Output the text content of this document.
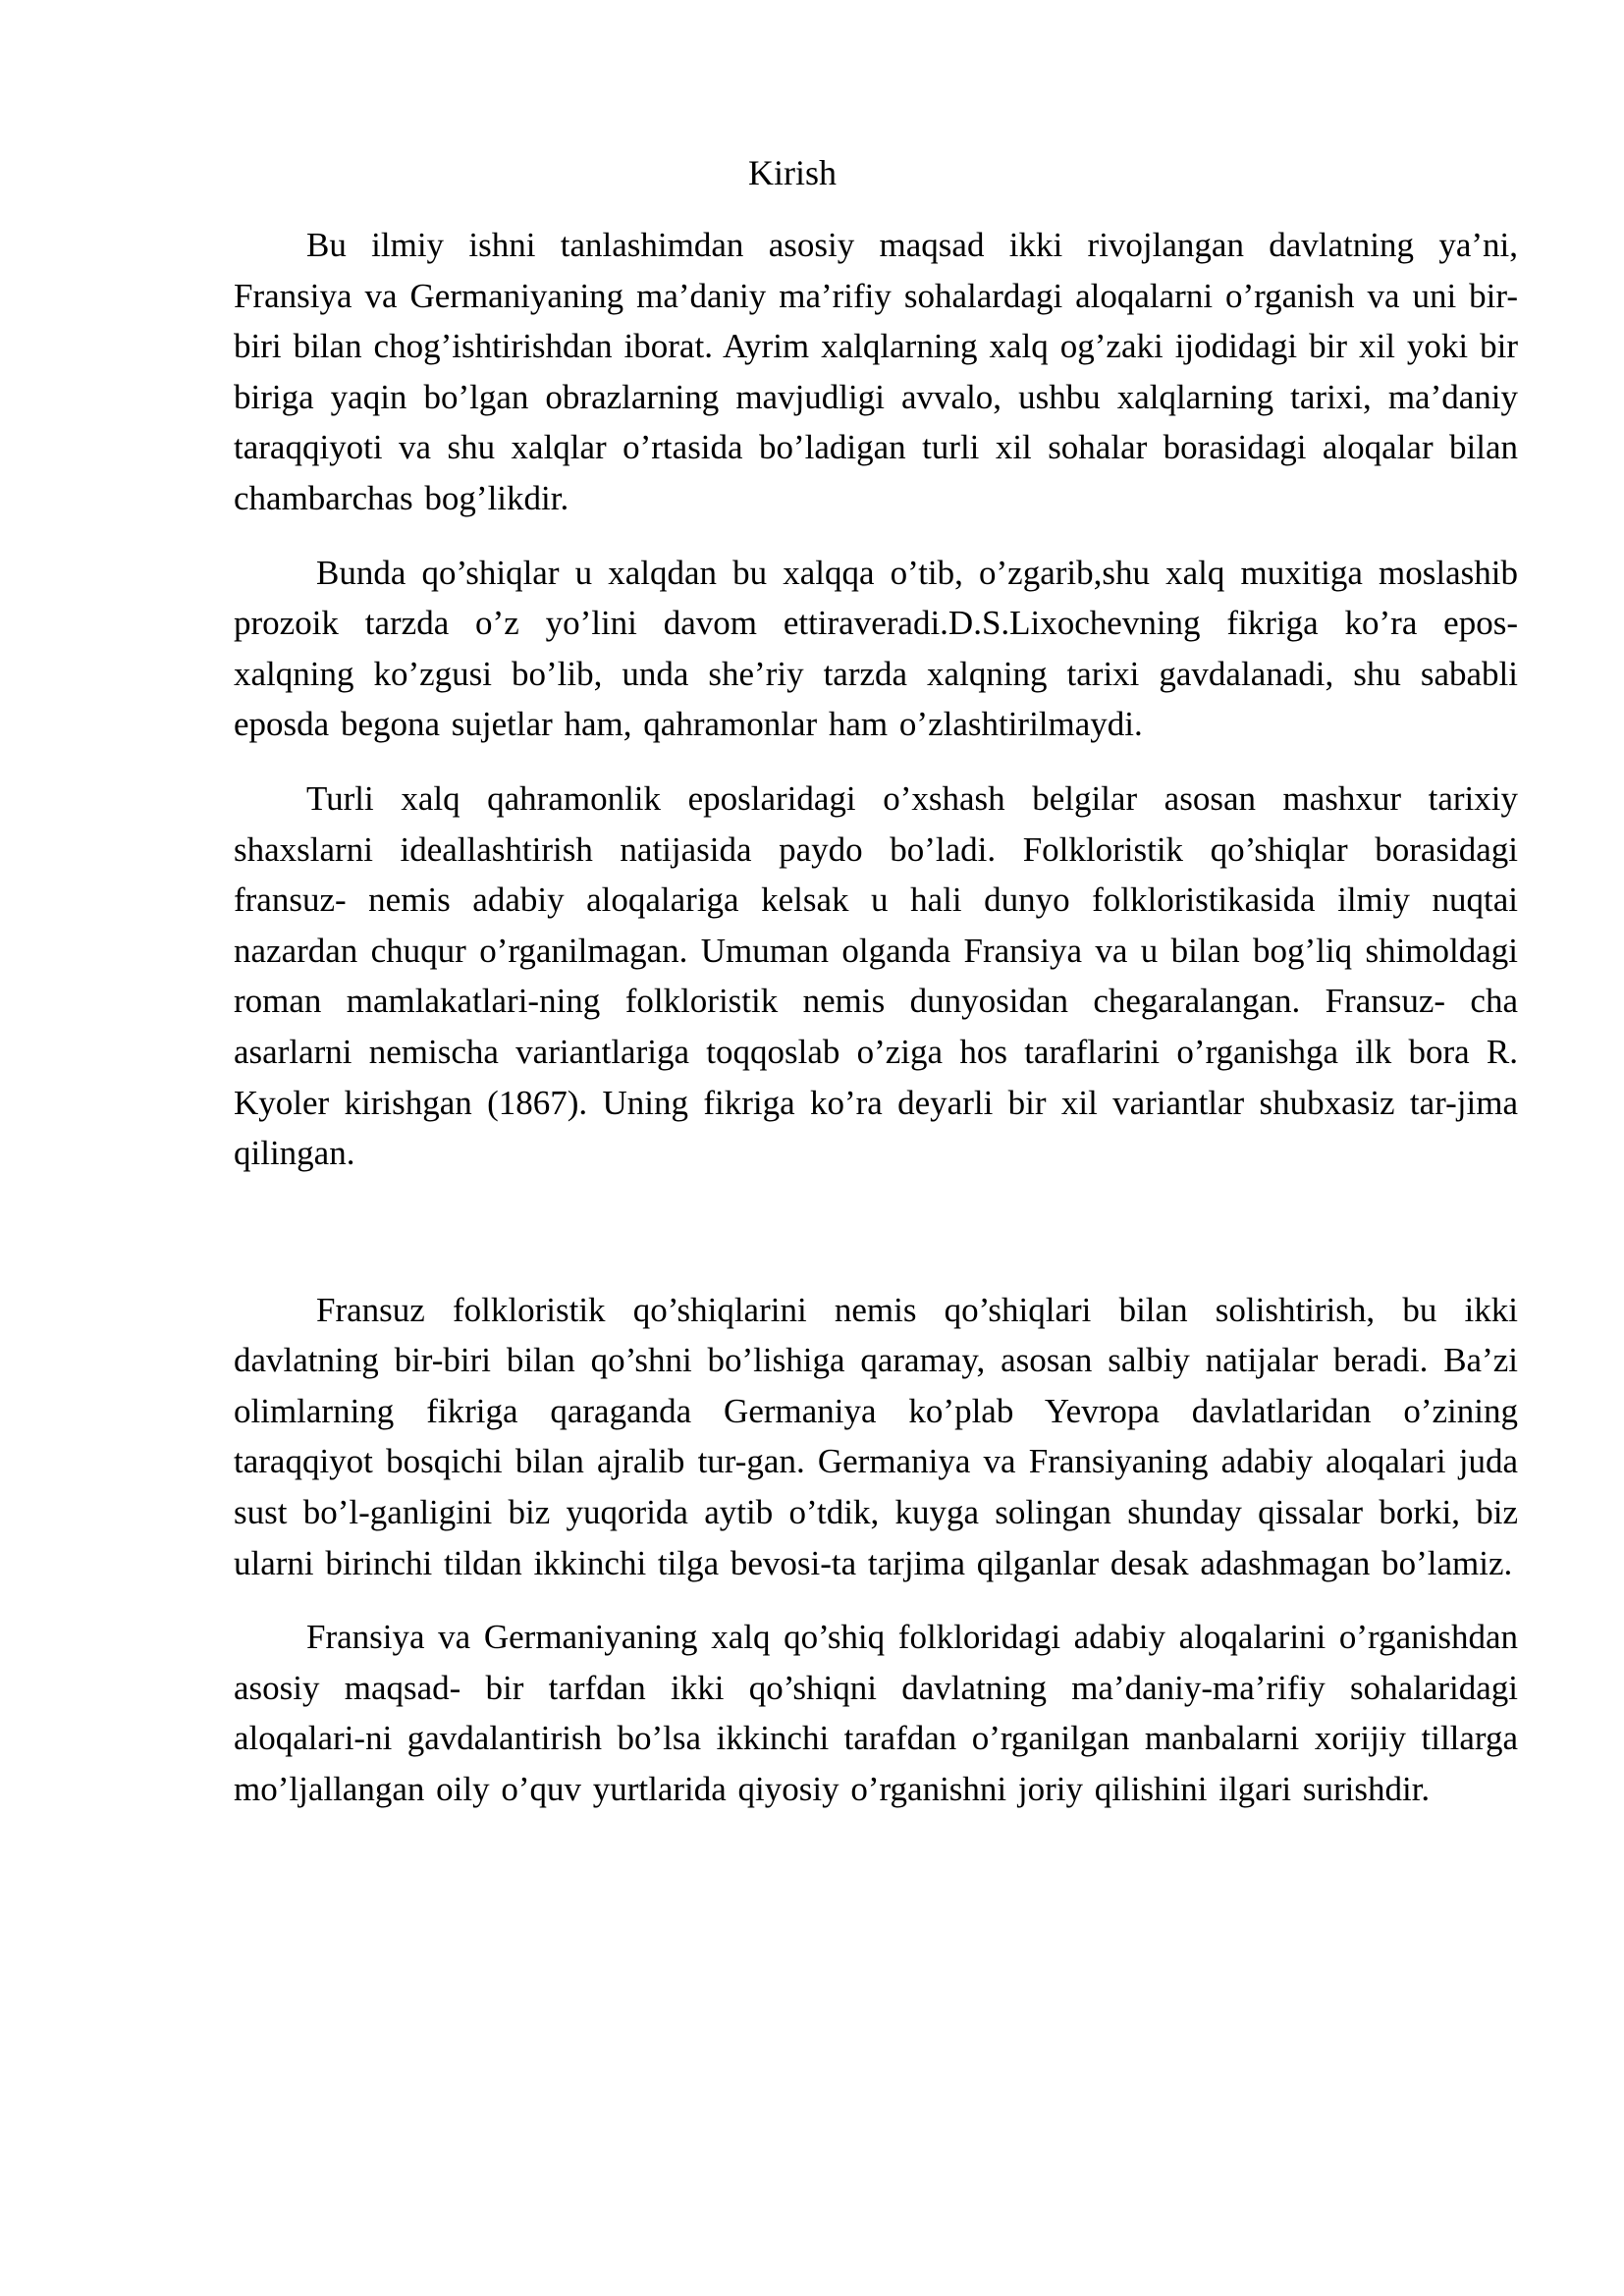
Kirish

Bu ilmiy ishni tanlashimdan asosiy maqsad ikki rivojlangan davlatning ya’ni, Fransiya va Germaniyaning ma’daniy ma’rifiy sohalardagi aloqalarni o’rganish va uni bir-biri bilan chog’ishtirishdan iborat. Ayrim xalqlarning xalq og’zaki ijodidagi bir xil yoki bir biriga yaqin bo’lgan obrazlarning mavjudligi avvalo, ushbu xalqlarning tarixi, ma’daniy taraqqiyoti va shu xalqlar o’rtasida bo’ladigan turli xil sohalar borasidagi aloqalar bilan chambarchas bog’likdir.

Bunda qo’shiqlar u xalqdan bu xalqqa o’tib, o’zgarib,shu xalq muxitiga moslashib prozoik tarzda o’z yo’lini davom ettiraveradi.D.S.Lixochevning fikriga ko’ra epos-xalqning ko’zgusi bo’lib, unda she’riy tarzda xalqning tarixi gavdalanadi, shu sababli eposda begona sujetlar ham, qahramonlar ham o’zlashtirilmaydi.

Turli xalq qahramonlik eposlaridagi o’xshash belgilar asosan mashxur tarixiy shaxslarni ideallashtirish natijasida paydo bo’ladi. Folkloristik qo’shiqlar borasidagi fransuz- nemis adabiy aloqalariga kelsak u hali dunyo folkloristikasida ilmiy nuqtai nazardan chuqur o’rganilmagan. Umuman olganda Fransiya va u bilan bog’liq shimoldagi roman mamlakatlari-ning folkloristik nemis dunyosidan chegaralangan. Fransuz- cha asarlarni nemischa variantlariga toqqoslab o’ziga hos taraflarini o’rganishga ilk bora R. Kyoler kirishgan (1867). Uning fikriga ko’ra deyarli bir xil variantlar shubxasiz tar-jima qilingan.

Fransuz folkloristik qo’shiqlarini nemis qo’shiqlari bilan solishtirish, bu ikki davlatning bir-biri bilan qo’shni bo’lishiga qaramay, asosan salbiy natijalar beradi. Ba’zi olimlarning fikriga qaraganda Germaniya ko’plab Yevropa davlatlaridan o’zining taraqqiyot bosqichi bilan ajralib tur-gan. Germaniya va Fransiyaning adabiy aloqalari juda sust bo’l-ganligini biz yuqorida aytib o’tdik, kuyga solingan shunday qissalar borki, biz ularni birinchi tildan ikkinchi tilga bevosi-ta tarjima qilganlar desak adashmagan bo’lamiz.

Fransiya va Germaniyaning xalq qo’shiq folkloridagi adabiy aloqalarini o’rganishdan asosiy maqsad- bir tarfdan ikki qo’shiqni davlatning ma’daniy-ma’rifiy sohalaridagi aloqalari-ni gavdalantirish bo’lsa ikkinchi tarafdan o’rganilgan manbalarni xorijiy tillarga mo’ljallangan oily o’quv yurtlarida qiyosiy o’rganishni joriy qilishini ilgari surishdir.
